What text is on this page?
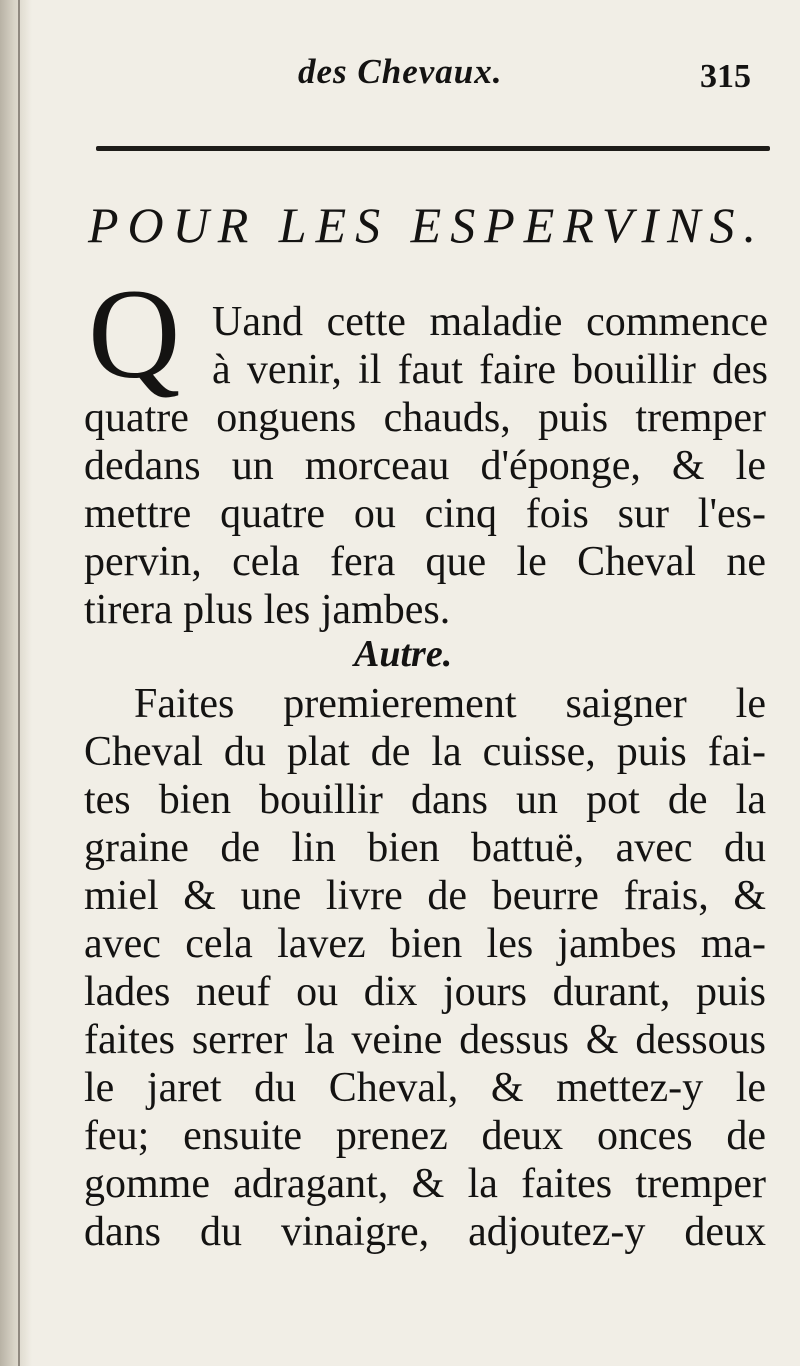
des Chevaux.	315
POUR LES ESPERVINS.
Q Uand cette maladie commence
à venir, il faut faire bouillir des
quatre onguens chauds, puis tremper
dedans un morceau d'éponge, & le
mettre quatre ou cinq fois sur l'es-
pervin, cela fera que le Cheval ne
tirera plus les jambes.
Autre.
Faites premierement saigner le
Cheval du plat de la cuisse, puis fai-
tes bien bouillir dans un pot de la
graine de lin bien battuë, avec du
miel & une livre de beurre frais, &
avec cela lavez bien les jambes ma-
lades neuf ou dix jours durant, puis
faites serrer la veine dessus & dessous
le jaret du Cheval, & mettez-y le
feu; ensuite prenez deux onces de
gomme adragant, & la faites tremper
dans du vinaigre, adjoutez-y deux
